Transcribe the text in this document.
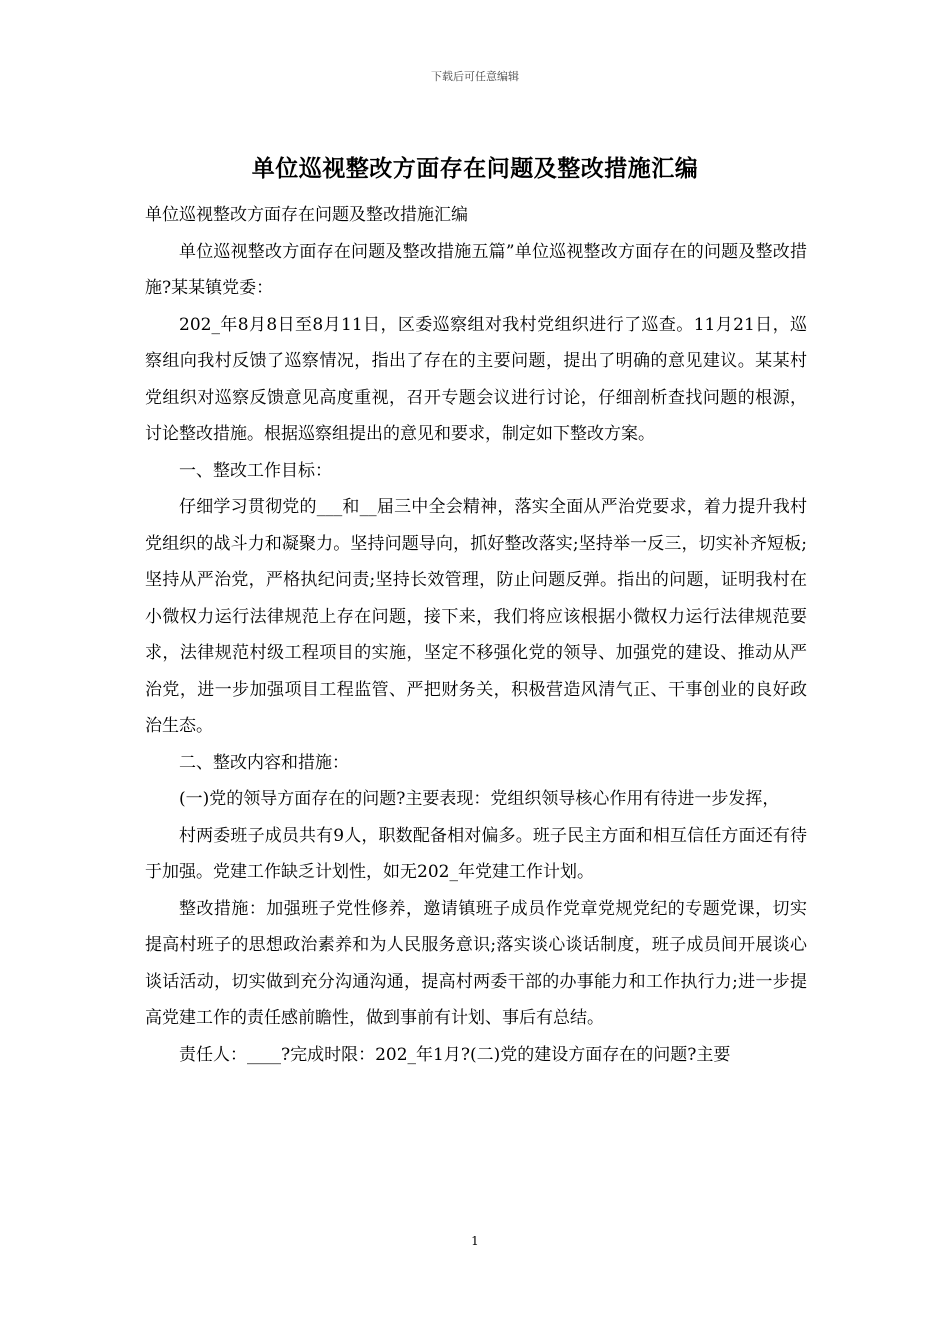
下载后可任意编辑
单位巡视整改方面存在问题及整改措施汇编

单位巡视整改方面存在问题及整改措施汇编

单位巡视整改方面存在问题及整改措施五篇”单位巡视整改方面存在的问题及整改措施?某某镇党委：

202_年8月8日至8月11日，区委巡察组对我村党组织进行了巡查。11月21日，巡察组向我村反馈了巡察情况，指出了存在的主要问题，提出了明确的意见建议。某某村党组织对巡察反馈意见高度重视，召开专题会议进行讨论，仔细剖析查找问题的根源，讨论整改措施。根据巡察组提出的意见和要求，制定如下整改方案。

一、整改工作目标：

仔细学习贯彻党的___和__届三中全会精神，落实全面从严治党要求，着力提升我村党组织的战斗力和凝聚力。坚持问题导向，抓好整改落实;坚持举一反三，切实补齐短板;坚持从严治党，严格执纪问责;坚持长效管理，防止问题反弹。指出的问题，证明我村在小微权力运行法律规范上存在问题，接下来，我们将应该根据小微权力运行法律规范要求，法律规范村级工程项目的实施，坚定不移强化党的领导、加强党的建设、推动从严治党，进一步加强项目工程监管、严把财务关，积极营造风清气正、干事创业的良好政治生态。

二、整改内容和措施：

(一)党的领导方面存在的问题?主要表现：党组织领导核心作用有待进一步发挥，

村两委班子成员共有9人，职数配备相对偏多。班子民主方面和相互信任方面还有待于加强。党建工作缺乏计划性，如无202_年党建工作计划。

整改措施：加强班子党性修养，邀请镇班子成员作党章党规党纪的专题党课，切实提高村班子的思想政治素养和为人民服务意识;落实谈心谈话制度，班子成员间开展谈心谈话活动，切实做到充分沟通沟通，提高村两委干部的办事能力和工作执行力;进一步提高党建工作的责任感前瞻性，做到事前有计划、事后有总结。

责任人：____?完成时限：202_年1月?(二)党的建设方面存在的问题?主要

1
